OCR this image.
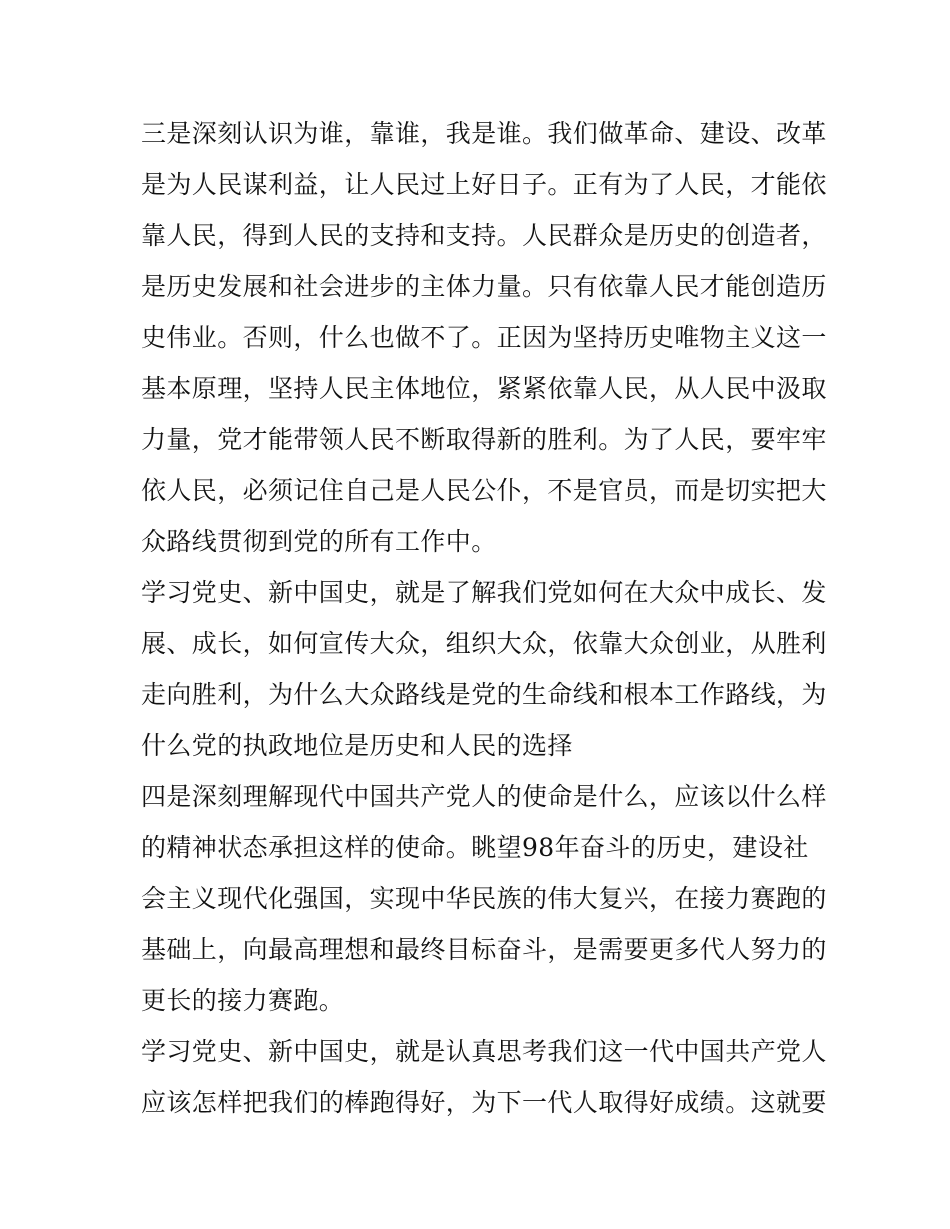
三是深刻认识为谁，靠谁，我是谁。我们做革命、建设、改革
是为人民谋利益，让人民过上好日子。正有为了人民，才能依
靠人民，得到人民的支持和支持。人民群众是历史的创造者，
是历史发展和社会进步的主体力量。只有依靠人民才能创造历
史伟业。否则，什么也做不了。正因为坚持历史唯物主义这一
基本原理，坚持人民主体地位，紧紧依靠人民，从人民中汲取
力量，党才能带领人民不断取得新的胜利。为了人民，要牢牢
依人民，必须记住自己是人民公仆，不是官员，而是切实把大
众路线贯彻到党的所有工作中。
学习党史、新中国史，就是了解我们党如何在大众中成长、发
展、成长，如何宣传大众，组织大众，依靠大众创业，从胜利
走向胜利，为什么大众路线是党的生命线和根本工作路线，为
什么党的执政地位是历史和人民的选择
四是深刻理解现代中国共产党人的使命是什么，应该以什么样
的精神状态承担这样的使命。眺望98年奋斗的历史，建设社
会主义现代化强国，实现中华民族的伟大复兴，在接力赛跑的
基础上，向最高理想和最终目标奋斗，是需要更多代人努力的
更长的接力赛跑。
学习党史、新中国史，就是认真思考我们这一代中国共产党人
应该怎样把我们的棒跑得好，为下一代人取得好成绩。这就要
